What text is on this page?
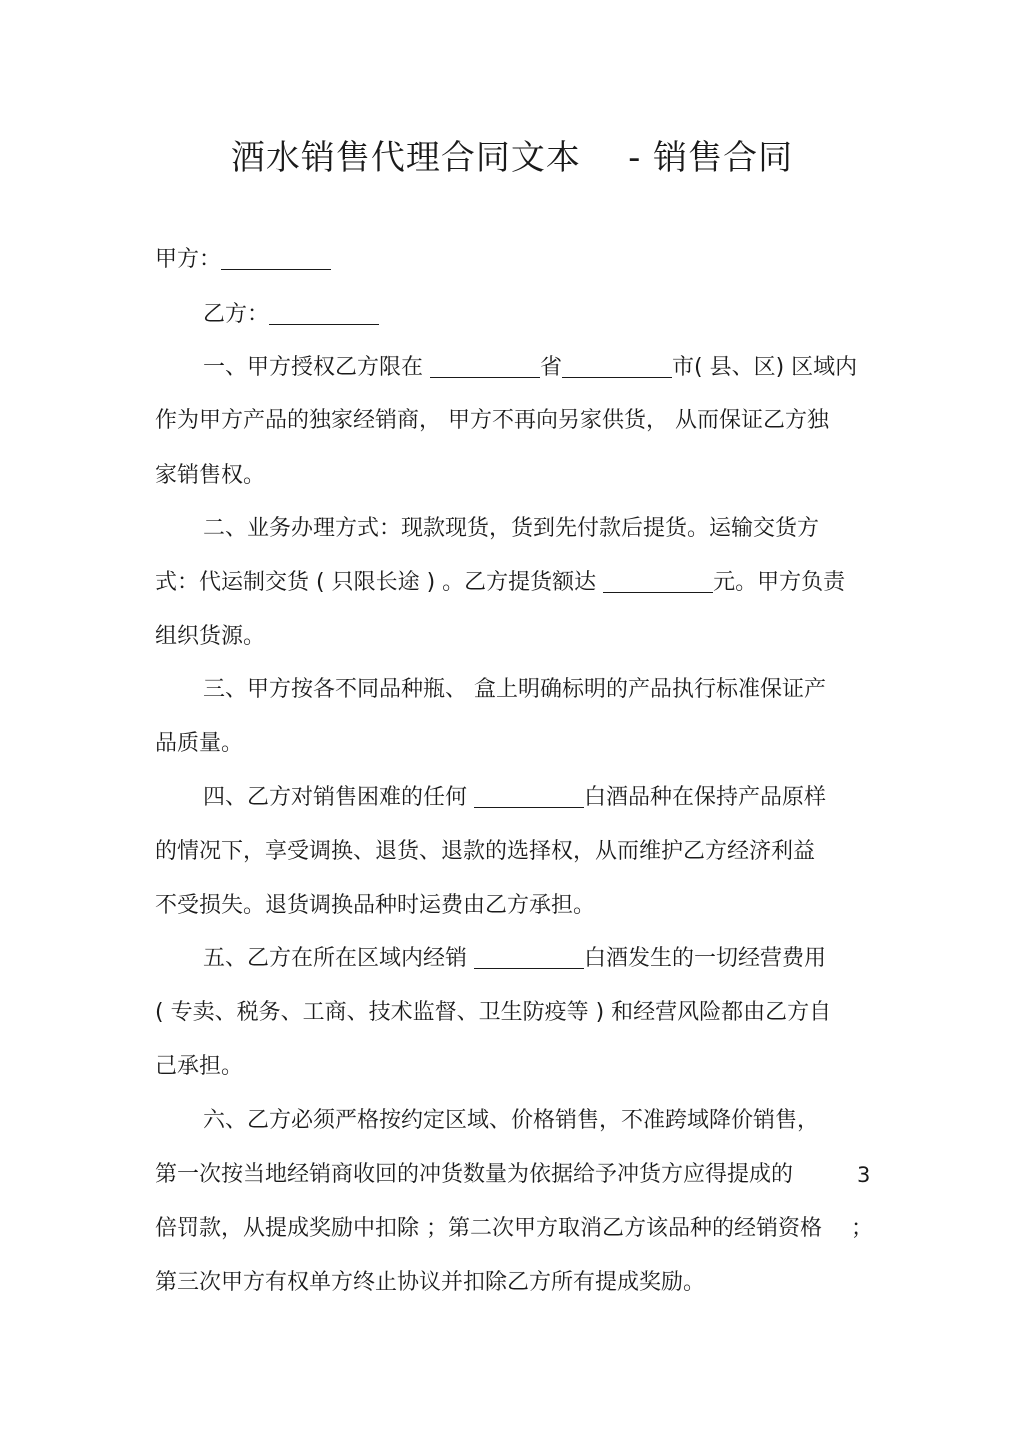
酒水销售代理合同文本    - 销售合同
甲方：
乙方：
一、甲方授权乙方限在	省	市( 县、区) 区域内
作为甲方产品的独家经销商， 甲方不再向另家供货， 从而保证乙方独
家销售权。
二、业务办理方式：现款现货，货到先付款后提货。运输交货方
式：代运制交货 ( 只限长途 ) 。乙方提货额达	元。甲方负责
组织货源。
三、甲方按各不同品种瓶、 盒上明确标明的产品执行标准保证产
品质量。
四、乙方对销售困难的任何	白酒品种在保持产品原样
的情况下，享受调换、退货、退款的选择权，从而维护乙方经济利益
不受损失。退货调换品种时运费由乙方承担。
五、乙方在所在区域内经销	白酒发生的一切经营费用
( 专卖、税务、工商、技术监督、卫生防疫等 ) 和经营风险都由乙方自
己承担。
六、乙方必须严格按约定区域、价格销售，不准跨域降价销售，
第一次按当地经销商收回的冲货数量为依据给予冲货方应得提成的	3
倍罚款，从提成奖励中扣除 ；第二次甲方取消乙方该品种的经销资格 ；
第三次甲方有权单方终止协议并扣除乙方所有提成奖励。
